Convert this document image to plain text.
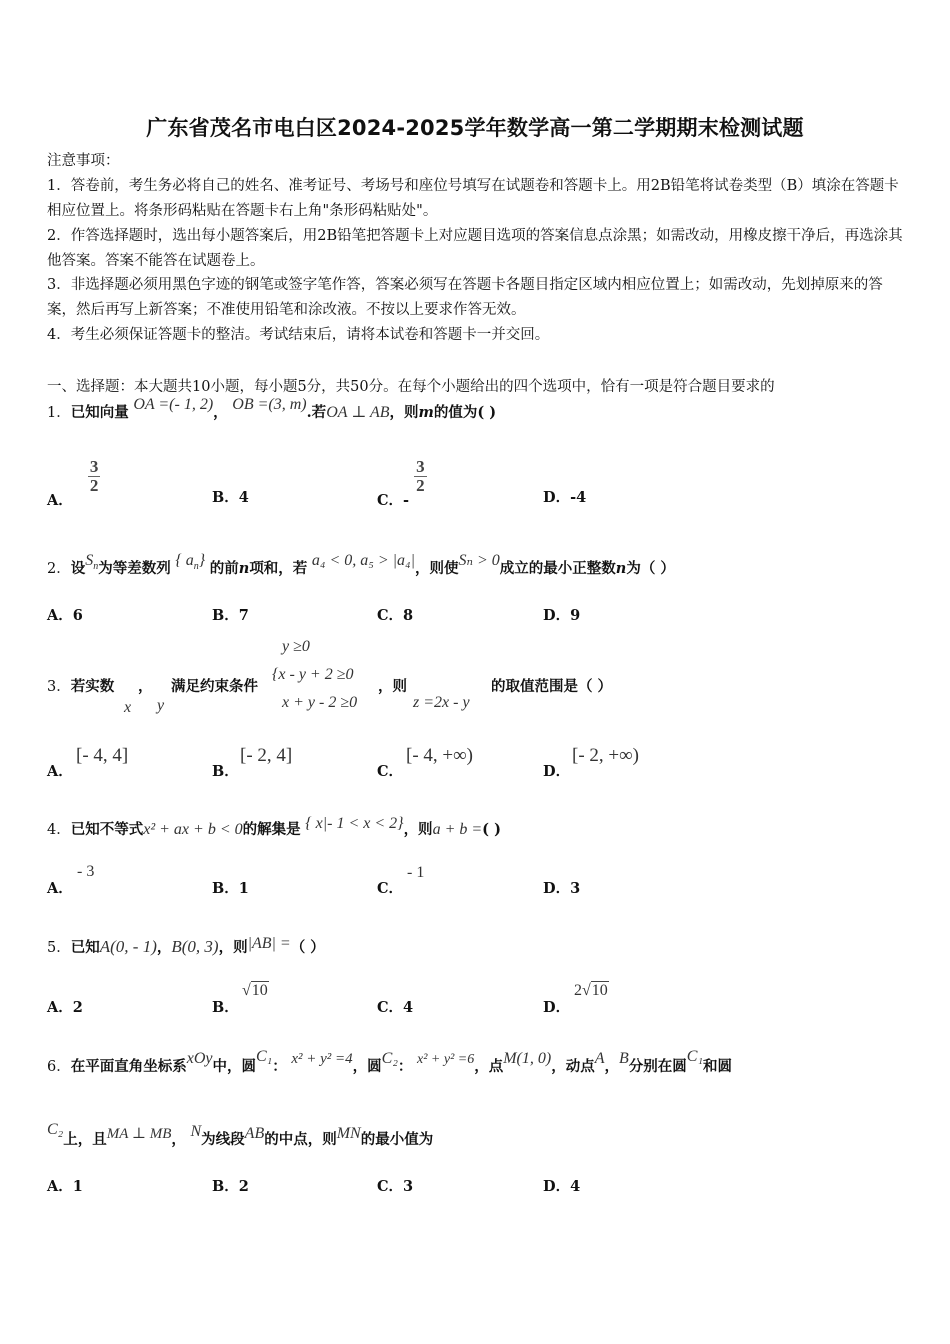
广东省茂名市电白区2024-2025学年数学高一第二学期期末检测试题
注意事项：
1．答卷前，考生务必将自己的姓名、准考证号、考场号和座位号填写在试题卷和答题卡上。用2B铅笔将试卷类型（B）填涂在答题卡相应位置上。将条形码粘贴在答题卡右上角"条形码粘贴处"。
2．作答选择题时，选出每小题答案后，用2B铅笔把答题卡上对应题目选项的答案信息点涂黑；如需改动，用橡皮擦干净后，再选涂其他答案。答案不能答在试题卷上。
3．非选择题必须用黑色字迹的钢笔或签字笔作答，答案必须写在答题卡各题目指定区域内相应位置上；如需改动，先划掉原来的答案，然后再写上新答案；不准使用铅笔和涂改液。不按以上要求作答无效。
4．考生必须保证答题卡的整洁。考试结束后，请将本试卷和答题卡一并交回。
一、选择题：本大题共10小题，每小题5分，共50分。在每个小题给出的四个选项中，恰有一项是符合题目要求的
1．已知向量 OA =(- 1, 2)， OB =(3, m).若OA ⊥ AB，则m的值为( )
A．
$\frac{3}{2}$
B．4	C．-
$\frac{3}{2}$
D．-4
2．设$S_n$为等差数列 { $a_n$} 的前n项和，若 a₄ < 0, a₅ > |a₄|，则使Sₙ > 0成立的最小正整数n为（ ）
A．6	B．7	C．8	D．9
y ≥0
{x - y + 2 ≥0
x + y - 2 ≥0
3．若实数
x
，
y
满足约束条件	，则
z =2x - y
的取值范围是（ ）
A．
[- 4, 4]
B．
[- 2, 4]
C．
[- 4, +∞)
D．
[- 2, +∞)
4．已知不等式x² + ax + b < 0的解集是 { x|- 1 < x < 2}，则a + b =( )
A．
- 3
B．1	C．
- 1
D．3
5．已知A(0, - 1)，B(0, 3)，则|AB| =（ ）
A．2	B．
√10
C．4	D．
2√10
6．在平面直角坐标系xOy中，圆C₁： x² + y² =4，圆C₂： x² + y² =6，点M(1, 0)，动点A，B分别在圆C₁和圆
C₂上，且MA ⊥ MB， N为线段AB的中点，则MN的最小值为
A．1	B．2	C．3	D．4
